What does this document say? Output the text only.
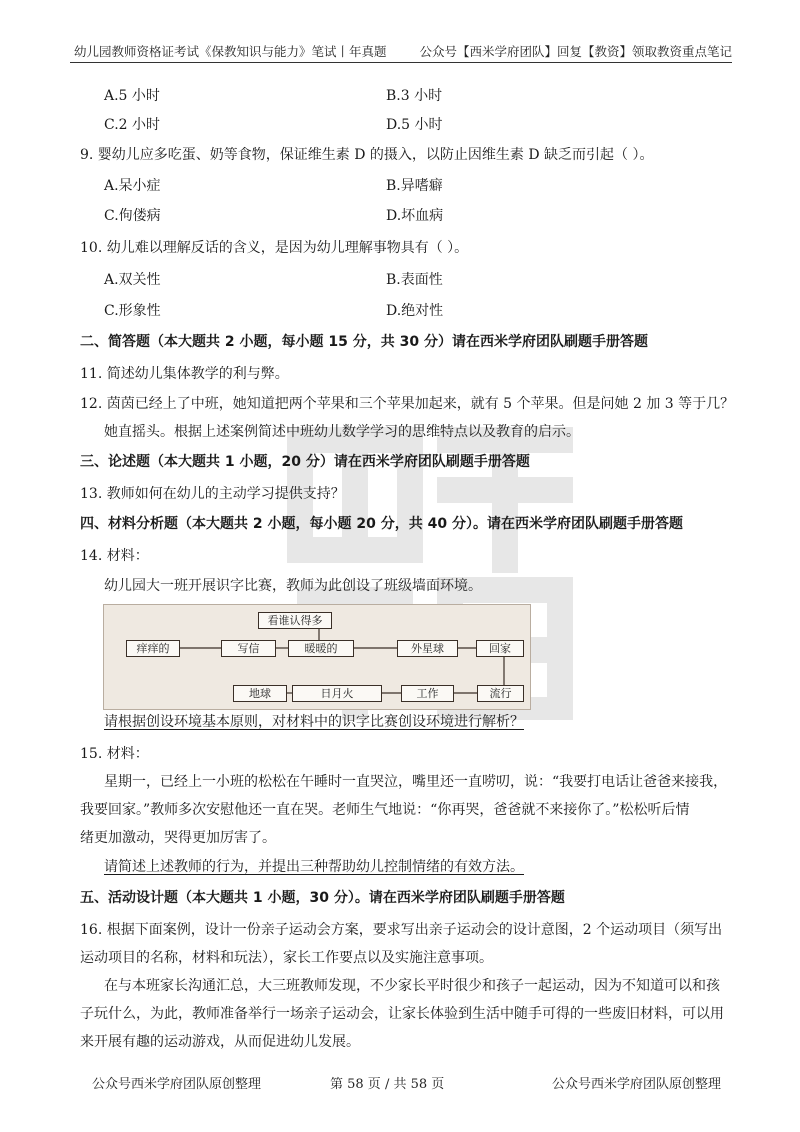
幼儿园教师资格证考试《保教知识与能力》笔试丨年真题	公众号【西米学府团队】回复【教资】领取教资重点笔记
A.5 小时	B.3 小时
C.2 小时	D.5 小时
9. 婴幼儿应多吃蛋、奶等食物，保证维生素 D 的摄入，以防止因维生素 D 缺乏而引起（ ）。
A.呆小症	B.异嗜癖
C.佝偻病	D.坏血病
10. 幼儿难以理解反话的含义，是因为幼儿理解事物具有（ ）。
A.双关性	B.表面性
C.形象性	D.绝对性
二、简答题（本大题共 2 小题，每小题 15 分，共 30 分）请在西米学府团队刷题手册答题
11. 简述幼儿集体教学的利与弊。
12. 茵茵已经上了中班，她知道把两个苹果和三个苹果加起来，就有 5 个苹果。但是问她 2 加 3 等于几？
她直摇头。根据上述案例简述中班幼儿数学学习的思维特点以及教育的启示。
三、论述题（本大题共 1 小题，20 分）请在西米学府团队刷题手册答题
13. 教师如何在幼儿的主动学习提供支持？
四、材料分析题（本大题共 2 小题，每小题 20 分，共 40 分）。请在西米学府团队刷题手册答题
14. 材料：
幼儿园大一班开展识字比赛，教师为此创设了班级墙面环境。
看谁认得多
痒痒的	写信	暖暖的	外星球	回家
地球	日月火	工作	流行
请根据创设环境基本原则，对材料中的识字比赛创设环境进行解析？
15. 材料：
星期一，已经上一小班的松松在午睡时一直哭泣，嘴里还一直唠叨，说：“我要打电话让爸爸来接我，
我要回家。”教师多次安慰他还一直在哭。老师生气地说：“你再哭，爸爸就不来接你了。”松松听后情
绪更加激动，哭得更加厉害了。
请简述上述教师的行为，并提出三种帮助幼儿控制情绪的有效方法。
五、活动设计题（本大题共 1 小题，30 分）。请在西米学府团队刷题手册答题
16. 根据下面案例，设计一份亲子运动会方案，要求写出亲子运动会的设计意图，2 个运动项目（须写出
运动项目的名称，材料和玩法），家长工作要点以及实施注意事项。
在与本班家长沟通汇总，大三班教师发现，不少家长平时很少和孩子一起运动，因为不知道可以和孩
子玩什么，为此，教师准备举行一场亲子运动会，让家长体验到生活中随手可得的一些废旧材料，可以用
来开展有趣的运动游戏，从而促进幼儿发展。
公众号西米学府团队原创整理	第 58 页 / 共 58 页	公众号西米学府团队原创整理
